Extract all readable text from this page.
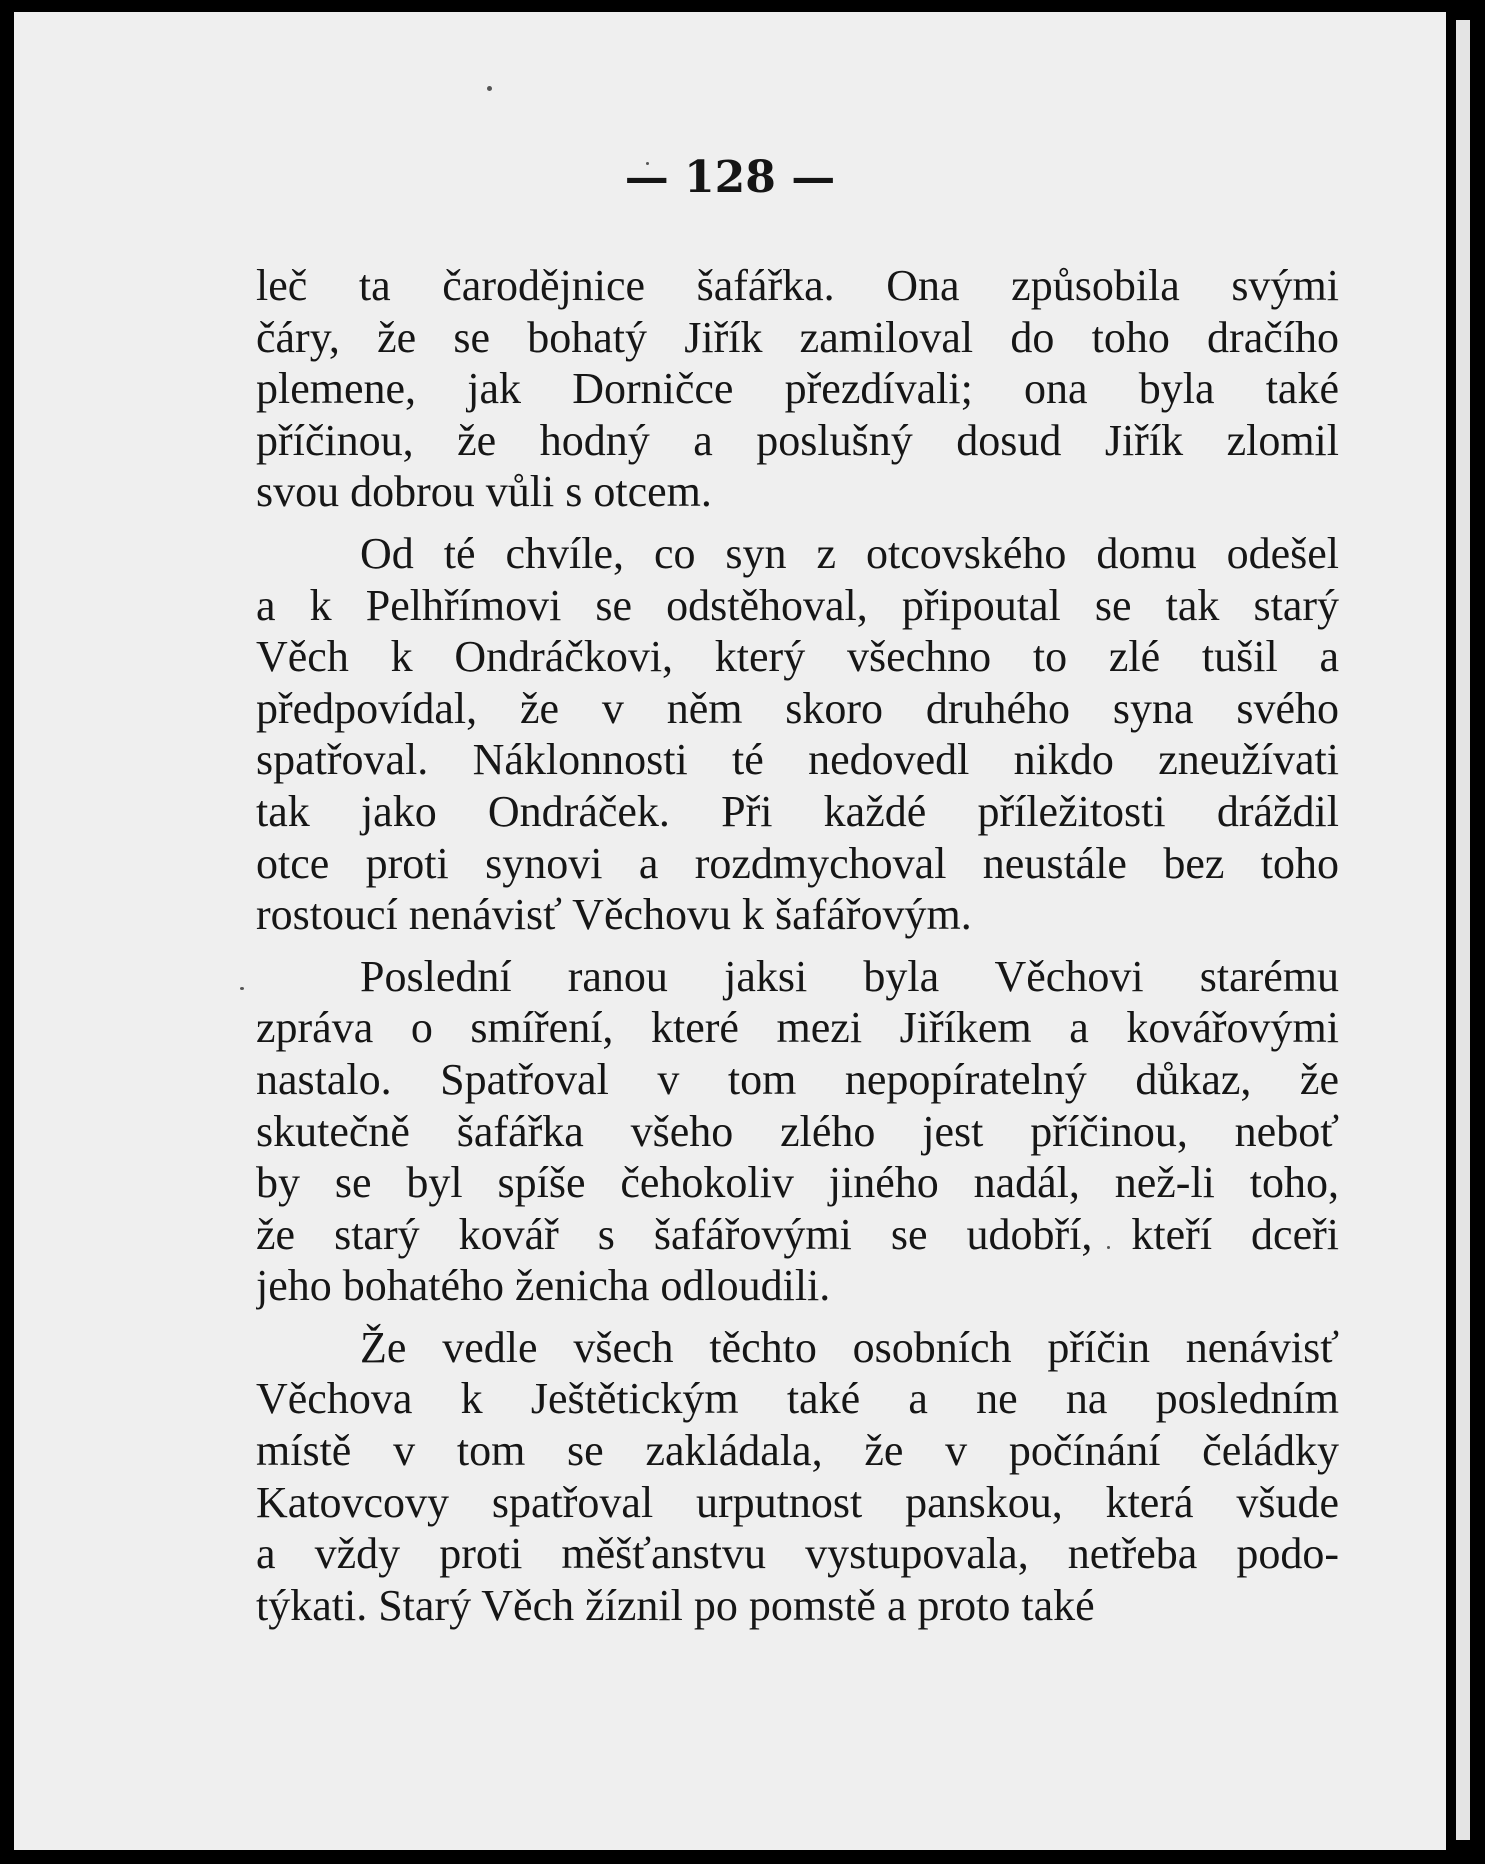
— 128 —

leč ta čarodějnice šafářka. Ona způsobila svými
čáry, že se bohatý Jiřík zamiloval do toho dračího
plemene, jak Dorničce přezdívali; ona byla také
příčinou, že hodný a poslušný dosud Jiřík zlomil
svou dobrou vůli s otcem.
Od té chvíle, co syn z otcovského domu odešel
a k Pelhřímovi se odstěhoval, připoutal se tak starý
Věch k Ondráčkovi, který všechno to zlé tušil a
předpovídal, že v něm skoro druhého syna svého
spatřoval. Náklonnosti té nedovedl nikdo zneužívati
tak jako Ondráček. Při každé příležitosti dráždil
otce proti synovi a rozdmychoval neustále bez toho
rostoucí nenávisť Věchovu k šafářovým.
Poslední ranou jaksi byla Věchovi starému
zpráva o smíření, které mezi Jiříkem a kovářovými
nastalo. Spatřoval v tom nepopíratelný důkaz, že
skutečně šafářka všeho zlého jest příčinou, neboť
by se byl spíše čehokoliv jiného nadál, než-li toho,
že starý kovář s šafářovými se udobří, kteří dceři
jeho bohatého ženicha odloudili.
Že vedle všech těchto osobních příčin nenávisť
Věchova k Ještětickým také a ne na posledním
místě v tom se zakládala, že v počínání čeládky
Katovcovy spatřoval urputnost panskou, která všude
a vždy proti měšťanstvu vystupovala, netřeba podo-
týkati. Starý Věch žíznil po pomstě a proto také
